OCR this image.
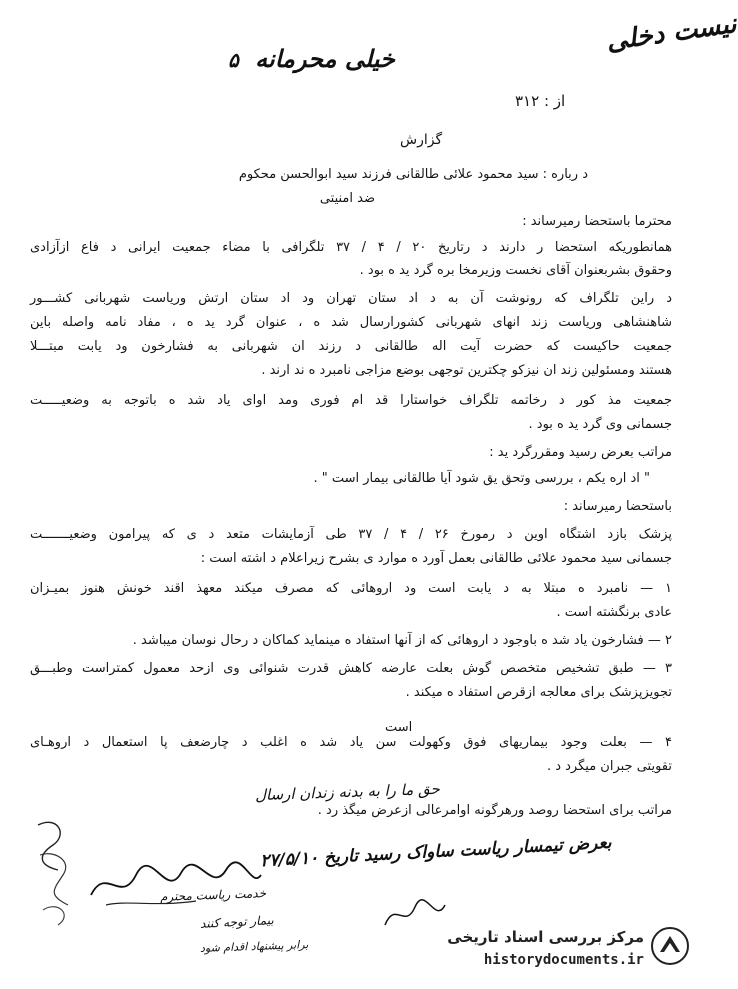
نیست دخلی
۵ خیلی محرمانه
از : ۳۱۲
گزارش
د رباره : سید محمود علائی طالقانی فرزند سید ابوالحسن محکوم
ضد امنیتی
محترما باستحضا رمیرساند :
همانطوریکه استحضا ر دارند د رتاریخ ۲۰ / ۴ / ۳۷ تلگرافی با مضاء جمعیت ایرانی د فاع ازآزادی
وحقوق بشربعنوان آقای نخست وزیرمخا بره گرد ید ه بود .
د راین تلگراف که رونوشت آن به د اد ستان تهران ود اد ستان ارتش وریاست شهربانی کشـــور
شاهنشاهی وریاست زند انهای شهربانی کشورارسال شد ه ، عنوان گرد ید ه ، مفاد نامه واصله باین
جمعیت حاکیست که حضرت آیت اله طالقانی د رزند ان شهربانی به فشارخون ود یابت مبتـــلا
هستند ومسئولین زند ان نیزکو چکترین توجهی بوضع مزاجی نامبرد ه ند ارند .
جمعیت مذ کور د رخاتمه تلگراف خواستارا قد ام فوری ومد اوای یاد شد ه باتوجه به وضعیـــــت
جسمانی وی گرد ید ه بود .
مراتب بعرض رسید ومقررگرد ید :
" اد اره یکم ، بررسی وتحق یق شود آیا طالقانی بیمار است " .
باستحضا رمیرساند :
پزشک بازد اشتگاه اوین د رمورخ ۲۶ / ۴ / ۳۷ طی آزمایشات متعد د ی که پیرامون وضعیـــــــت
جسمانی سید محمود علائی طالقانی بعمل آورد ه موارد ی بشرح زیراعلام د اشته است :
۱ — نامبرد ه مبتلا به د یابت است ود اروهائی که مصرف میکند معهذ اقند خونش هنوز بمیـزان
عادی برنگشته است .
۲ — فشارخون یاد شد ه باوجود د اروهائی که از آنها استفاد ه مینماید کماکان د رحال نوسان میباشد .
۳ — طبق تشخیص متخصص گوش بعلت عارضه کاهش قدرت شنوائی وی ازحد معمول کمتراست وطبـــق
تجویزپزشک برای معالجه ازقرص استفاد ه میکند .
است
۴ — بعلت وجود بیماریهای فوق وکهولت سن یاد شد ه اغلب د چارضعف پا استعمال د اروهـای
تقویتی جبران میگرد د .
حق ما را به بدنه زندان ارسال
مراتب برای استحضا روصد ورهرگونه اوامرعالی ازعرض میگذ رد .
بعرض تیمسار ریاست ساواک رسید تاریخ ۲۷/۵/۱۰
خدمت ریاست محترم
بیمار توجه کنند
برابر پیشنهاد اقدام شود
مرکز بررسی اسناد تاریخی
historydocuments.ir
